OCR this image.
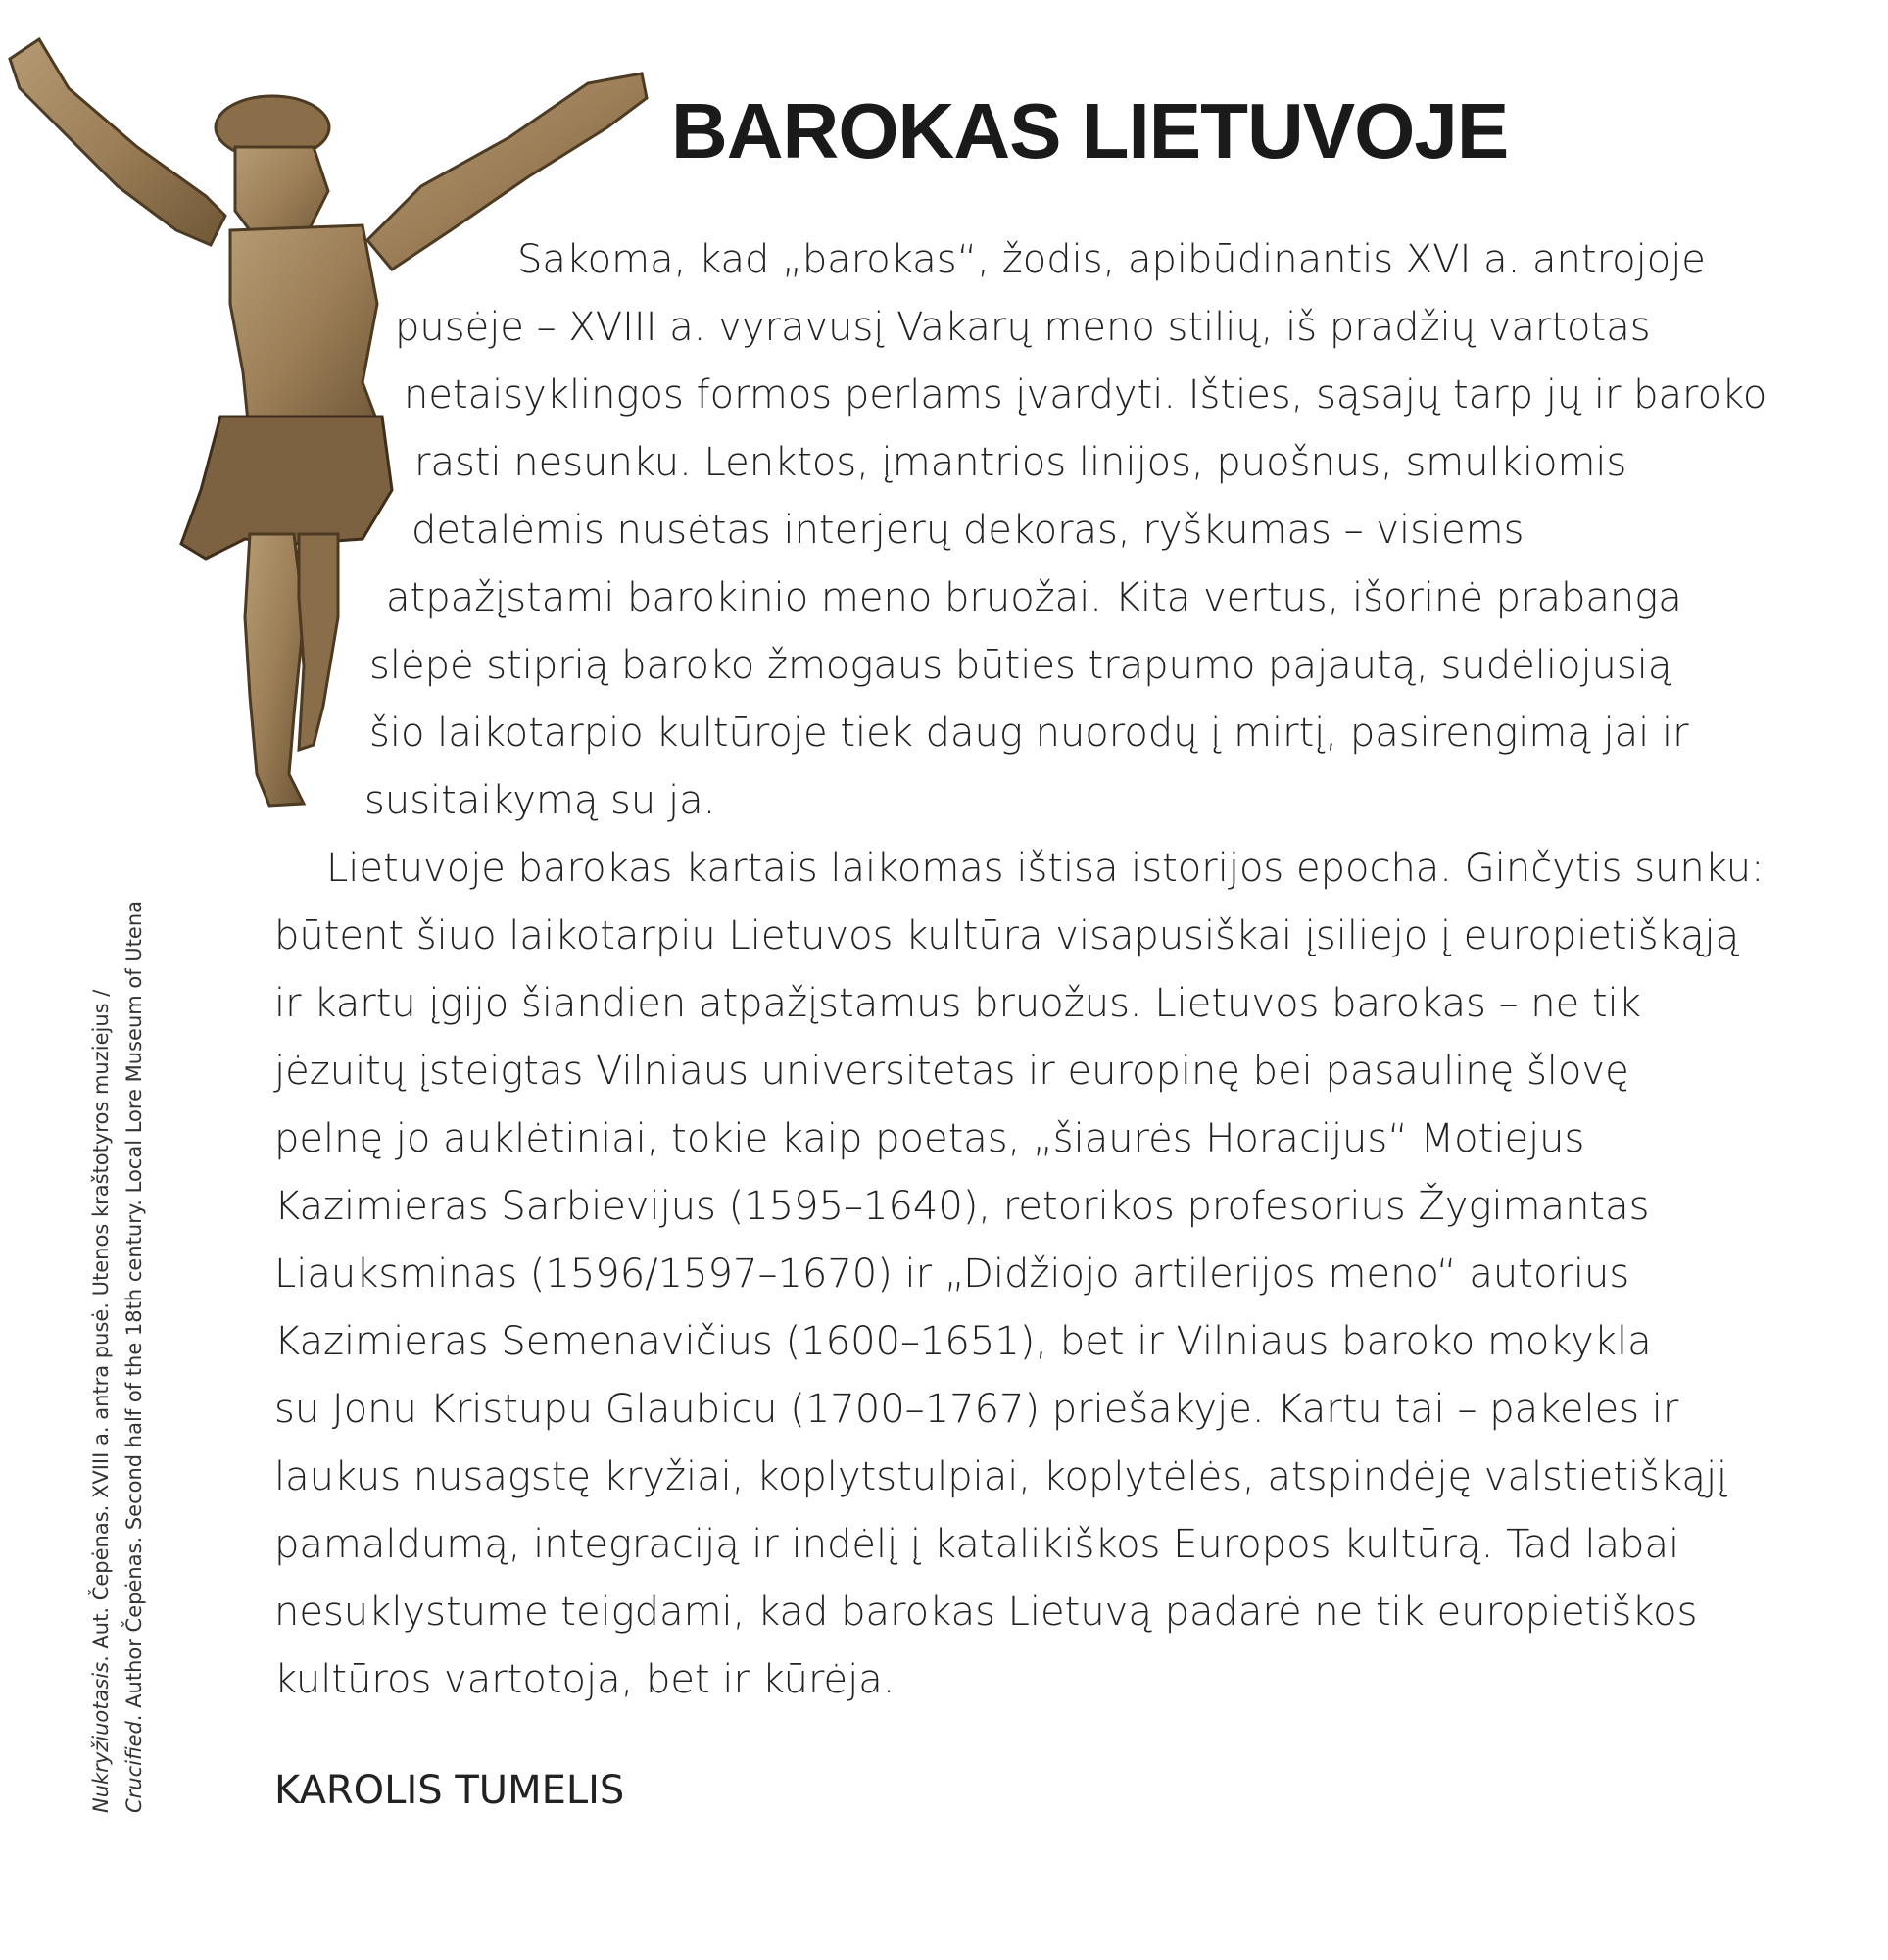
BAROKAS LIETUVOJE
Nukryžiuotasis. Aut. Čepėnas. XVIII a. antra pusė. Utenos kraštotyros muziejus /
Crucified. Author Čepėnas. Second half of the 18th century. Local Lore Museum of Utena
Sakoma, kad „barokas“, žodis, apibūdinantis XVI a. antrojoje
pusėje – XVIII a. vyravusį Vakarų meno stilių, iš pradžių vartotas
netaisyklingos formos perlams įvardyti. Išties, sąsajų tarp jų ir baroko
rasti nesunku. Lenktos, įmantrios linijos, puošnus, smulkiomis
detalėmis nusėtas interjerų dekoras, ryškumas – visiems
atpažįstami barokinio meno bruožai. Kita vertus, išorinė prabanga
slėpė stiprią baroko žmogaus būties trapumo pajautą, sudėliojusią
šio laikotarpio kultūroje tiek daug nuorodų į mirtį, pasirengimą jai ir
susitaikymą su ja.
Lietuvoje barokas kartais laikomas ištisa istorijos epocha. Ginčytis sunku:
būtent šiuo laikotarpiu Lietuvos kultūra visapusiškai įsiliejo į europietiškąją
ir kartu įgijo šiandien atpažįstamus bruožus. Lietuvos barokas – ne tik
jėzuitų įsteigtas Vilniaus universitetas ir europinę bei pasaulinę šlovę
pelnę jo auklėtiniai, tokie kaip poetas, „šiaurės Horacijus“ Motiejus
Kazimieras Sarbievijus (1595–1640), retorikos profesorius Žygimantas
Liauksminas (1596/1597–1670) ir „Didžiojo artilerijos meno“ autorius
Kazimieras Semenavičius (1600–1651), bet ir Vilniaus baroko mokykla
su Jonu Kristupu Glaubicu (1700–1767) priešakyje. Kartu tai – pakeles ir
laukus nusagstę kryžiai, koplytstulpiai, koplytėlės, atspindėję valstietiškąjį
pamaldumą, integraciją ir indėlį į katalikiškos Europos kultūrą. Tad labai
nesuklystume teigdami, kad barokas Lietuvą padarė ne tik europietiškos
kultūros vartotoja, bet ir kūrėja.
KAROLIS TUMELIS
